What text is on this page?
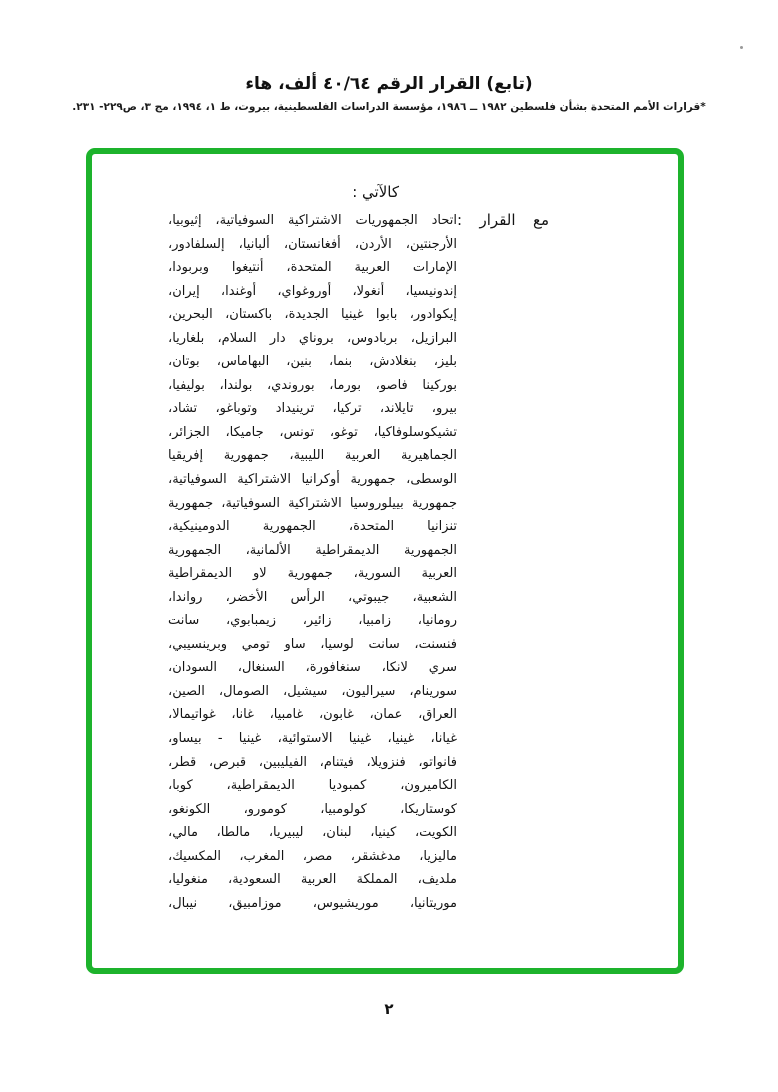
(تابع) القرار الرقم ٤٠/٦٤ ألف، هاء
*قرارات الأمم المتحدة بشأن فلسطين ١٩٨٢ ــ ١٩٨٦، مؤسسة الدراسات الفلسطينية، بيروت، ط ١، ١٩٩٤، مج ٣، ص٢٢٩- ٢٣١.
كالآتي :
مع القرار :
اتحاد الجمهوريات الاشتراكية السوفياتية، إثيوبيا،
الأرجنتين، الأردن، أفغانستان، ألبانيا، إلسلفادور،
الإمارات العربية المتحدة، أنتيغوا وبربودا،
إندونيسيا، أنغولا، أوروغواي، أوغندا، إيران،
إيكوادور، بابوا غينيا الجديدة، باكستان، البحرين،
البرازيل، بربادوس، بروناي دار السلام، بلغاريا،
بليز، بنغلادش، بنما، بنين، البهاماس، بوتان،
بوركينا فاصو، بورما، بوروندي، بولندا، بوليفيا،
بيرو، تايلاند، تركيا، ترينيداد وتوباغو، تشاد،
تشيكوسلوفاكيا، توغو، تونس، جاميكا، الجزائر،
الجماهيرية العربية الليبية، جمهورية إفريقيا
الوسطى، جمهورية أوكرانيا الاشتراكية السوفياتية،
جمهورية بييلوروسيا الاشتراكية السوفياتية، جمهورية
تنزانيا المتحدة، الجمهورية الدومينيكية،
الجمهورية الديمقراطية الألمانية، الجمهورية
العربية السورية، جمهورية لاو الديمقراطية
الشعبية، جيبوتي، الرأس الأخضر، رواندا،
رومانيا، زامبيا، زائير، زيمبابوي، سانت
فنسنت، سانت لوسيا، ساو تومي وبرينسيبي،
سري لانكا، سنغافورة، السنغال، السودان،
سورينام، سيراليون، سيشيل، الصومال، الصين،
العراق، عمان، غابون، غامبيا، غانا، غواتيمالا،
غيانا، غينيا، غينيا الاستوائية، غينيا - بيساو،
فانواتو، فنزويلا، فيتنام، الفيليبين، قبرص، قطر،
الكاميرون، كمبوديا الديمقراطية، كوبا،
كوستاريكا، كولومبيا، كومورو، الكونغو،
الكويت، كينيا، لبنان، ليبيريا، مالطا، مالي،
ماليزيا، مدغشقر، مصر، المغرب، المكسيك،
ملديف، المملكة العربية السعودية، منغوليا،
موريتانيا، موريشيوس، موزامبيق، نيبال،
٢
